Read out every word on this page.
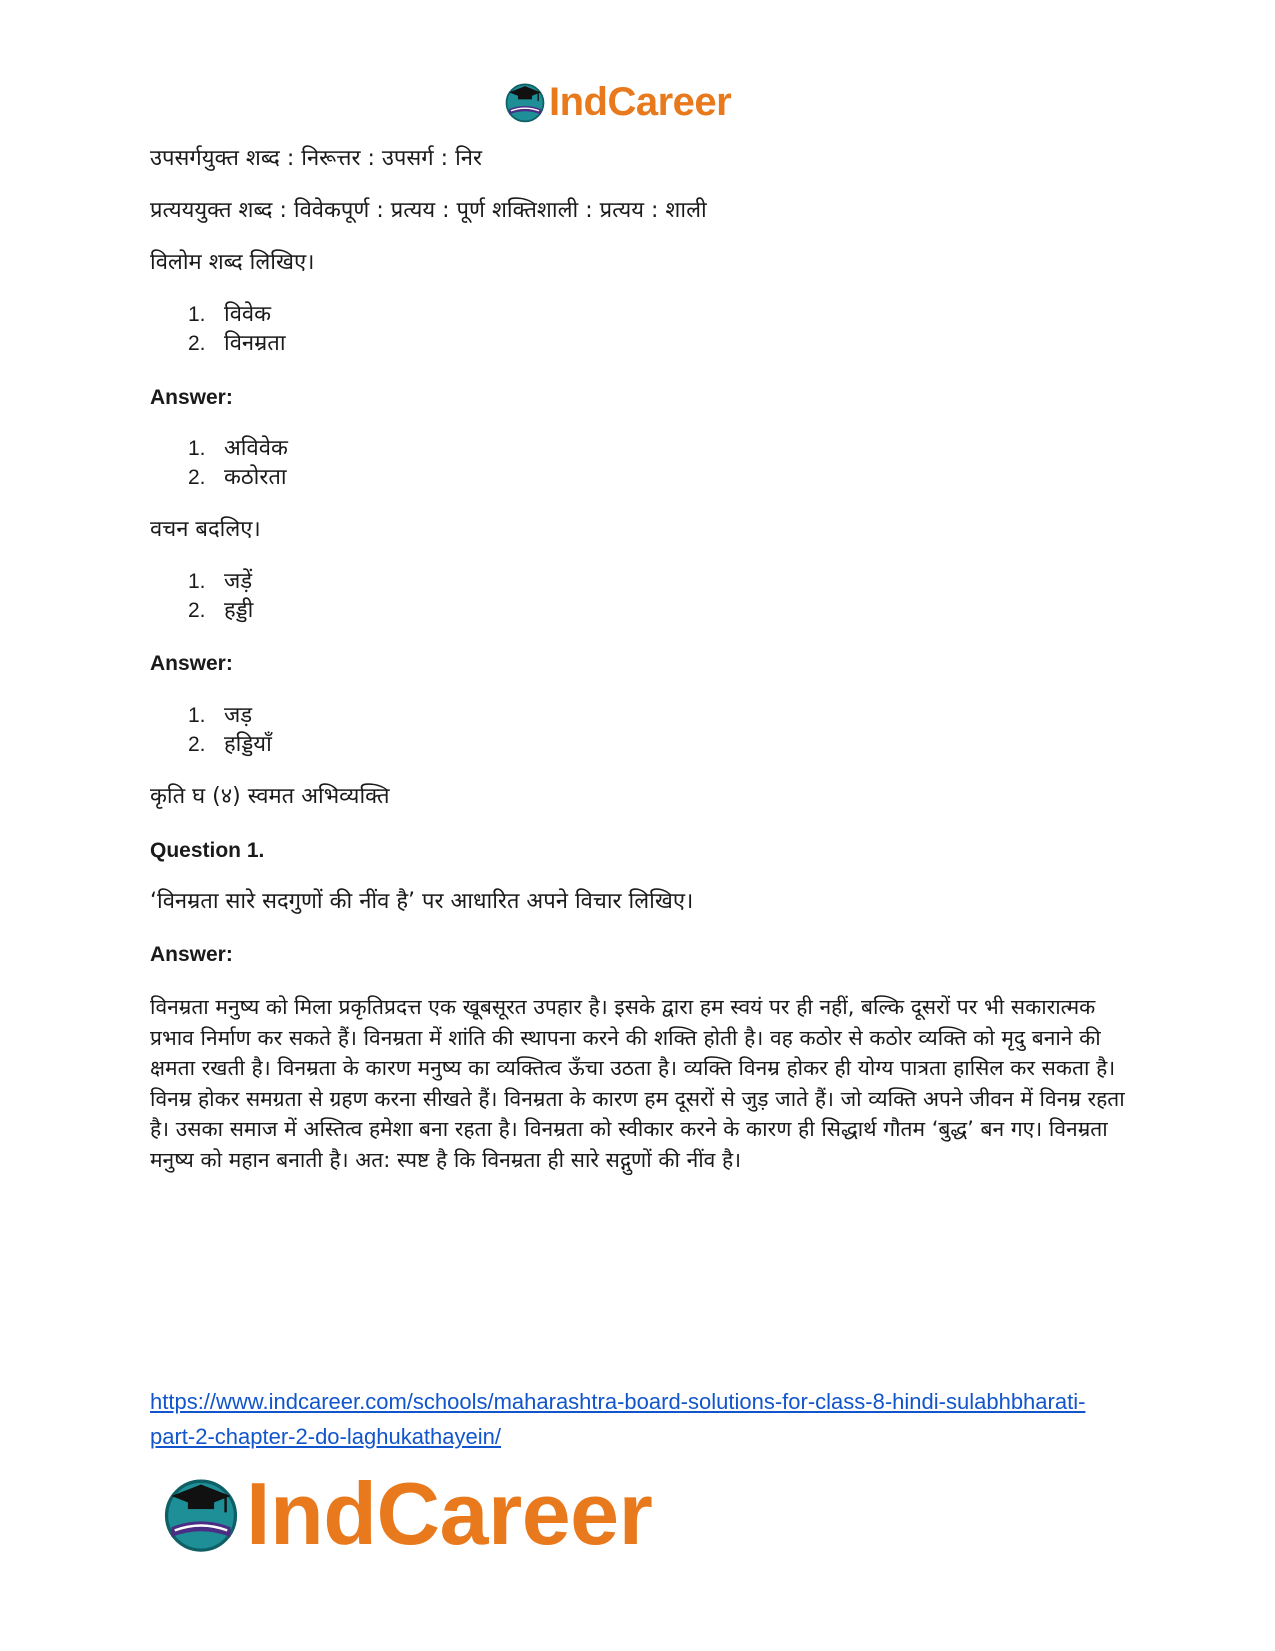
IndCareer
उपसर्गयुक्त शब्द : निरूत्तर : उपसर्ग : निर
प्रत्यययुक्त शब्द : विवेकपूर्ण : प्रत्यय : पूर्ण शक्तिशाली : प्रत्यय : शाली
विलोम शब्द लिखिए।
1. विवेक
2. विनम्रता
Answer:
1. अविवेक
2. कठोरता
वचन बदलिए।
1. जड़ें
2. हड्डी
Answer:
1. जड़
2. हड्डियाँ
कृति घ (४) स्वमत अभिव्यक्ति
Question 1.
‘विनम्रता सारे सदगुणों की नींव है’ पर आधारित अपने विचार लिखिए।
Answer:
विनम्रता मनुष्य को मिला प्रकृतिप्रदत्त एक खूबसूरत उपहार है। इसके द्वारा हम स्वयं पर ही नहीं, बल्कि दूसरों पर भी सकारात्मक प्रभाव निर्माण कर सकते हैं। विनम्रता में शांति की स्थापना करने की शक्ति होती है। वह कठोर से कठोर व्यक्ति को मृदु बनाने की क्षमता रखती है। विनम्रता के कारण मनुष्य का व्यक्तित्व ऊँचा उठता है। व्यक्ति विनम्र होकर ही योग्य पात्रता हासिल कर सकता है। विनम्र होकर समग्रता से ग्रहण करना सीखते हैं। विनम्रता के कारण हम दूसरों से जुड़ जाते हैं। जो व्यक्ति अपने जीवन में विनम्र रहता है। उसका समाज में अस्तित्व हमेशा बना रहता है। विनम्रता को स्वीकार करने के कारण ही सिद्धार्थ गौतम ‘बुद्ध’ बन गए। विनम्रता मनुष्य को महान बनाती है। अत: स्पष्ट है कि विनम्रता ही सारे सद्गुणों की नींव है।
https://www.indcareer.com/schools/maharashtra-board-solutions-for-class-8-hindi-sulabhbharati-
part-2-chapter-2-do-laghukathayein/
IndCareer
